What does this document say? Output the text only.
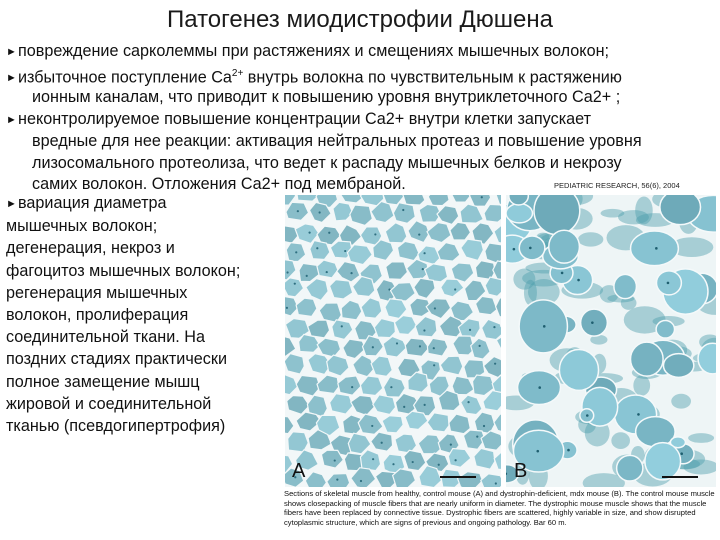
Патогенез миодистрофии Дюшена
►повреждение сарколеммы при растяжениях и смещениях мышечных волокон;
►избыточное поступление $Ca^{2+}$ внутрь волокна по чувствительным к растяжению
ионным каналам, что приводит к повышению уровня внутриклеточного Ca2+ ;
►неконтролируемое повышение концентрации Ca2+ внутри клетки запускает
вредные для нее реакции: активация нейтральных протеаз и повышение уровня
лизосомального протеолиза, что ведет к распаду мышечных белков и некрозу
самих волокон. Отложения Ca2+ под мембраной.	PEDIATRIC RESEARCH, 56(6), 2004
►вариация диаметра
мышечных волокон;
дегенерация, некроз и
фагоцитоз мышечных волокон;
регенерация мышечных
волокон, пролиферация
соединительной ткани. На
поздних стадиях практически
полное замещение мышц
жировой и соединительной
тканью (псевдогипертрофия)
A	B
Sections of skeletal muscle from healthy, control mouse (A) and dystrophin-deficient, mdx mouse (B). The control mouse muscle shows closepacking of muscle fibers that are nearly uniform in diameter. The dystrophic mouse muscle shows that the muscle fibers have been replaced by connective tissue. Dystrophic fibers are scattered, highly variable in size, and show disrupted cytoplasmic structure, which are signs of previous and ongoing pathology. Bar 60 m.
